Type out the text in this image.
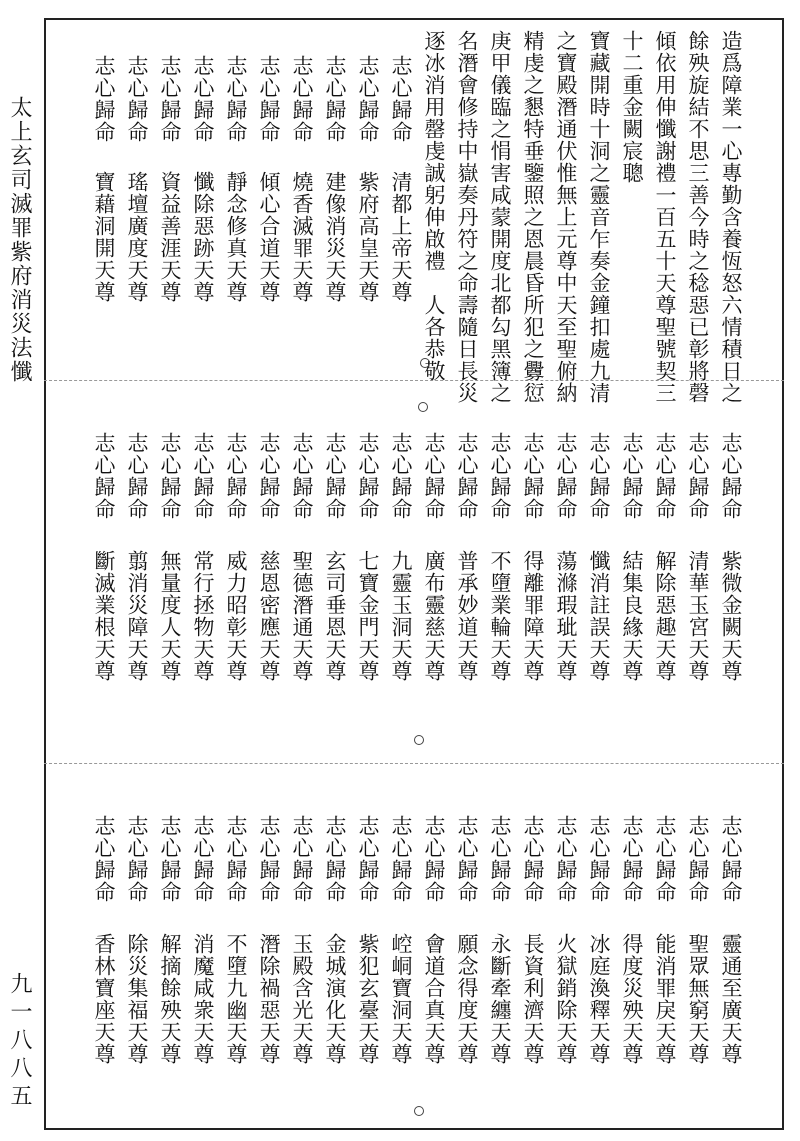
太上玄司滅罪紫府消災法懺
九一八八五
造爲障業一心專勤含養恆怒六情積日之
餘殃旋結不思三善今時之稔惡已彰將磬
傾依用伸懺謝禮一百五十天尊聖號契三
十二重金闕宸聰
寶藏開時十洞之靈音乍奏金鐘扣處九清
之寶殿潛通伏惟無上元尊中天至聖俯納
精虔之懇特垂鑒照之恩晨昏所犯之釁愆
庚甲儀臨之悁害咸蒙開度北都勾黑簿之
名潛會修持中嶽奏丹符之命壽隨日長災
逐冰消用罄虔誠躬伸啟禮　人各恭敬
志心歸命清都上帝天尊
志心歸命紫府高皇天尊
志心歸命建像消災天尊
志心歸命燒香滅罪天尊
志心歸命傾心合道天尊
志心歸命靜念修真天尊
志心歸命懺除惡跡天尊
志心歸命資益善涯天尊
志心歸命瑤壇廣度天尊
志心歸命寶藉洞開天尊
志心歸命紫微金闕天尊
志心歸命清華玉宮天尊
志心歸命解除惡趣天尊
志心歸命結集良緣天尊
志心歸命懺消註誤天尊
志心歸命蕩滌瑕玼天尊
志心歸命得離罪障天尊
志心歸命不墮業輪天尊
志心歸命普承妙道天尊
志心歸命廣布靈慈天尊
志心歸命九靈玉洞天尊
志心歸命七寶金門天尊
志心歸命玄司垂恩天尊
志心歸命聖德潛通天尊
志心歸命慈恩密應天尊
志心歸命威力昭彰天尊
志心歸命常行拯物天尊
志心歸命無量度人天尊
志心歸命翦消災障天尊
志心歸命斷滅業根天尊
志心歸命靈通至廣天尊
志心歸命聖眾無窮天尊
志心歸命能消罪戾天尊
志心歸命得度災殃天尊
志心歸命冰庭渙釋天尊
志心歸命火獄銷除天尊
志心歸命長資利濟天尊
志心歸命永斷牽纏天尊
志心歸命願念得度天尊
志心歸命會道合真天尊
志心歸命崆峒寶洞天尊
志心歸命紫犯玄臺天尊
志心歸命金城演化天尊
志心歸命玉殿含光天尊
志心歸命潛除禍惡天尊
志心歸命不墮九幽天尊
志心歸命消魔咸衆天尊
志心歸命解摘餘殃天尊
志心歸命除災集福天尊
志心歸命香林寶座天尊
